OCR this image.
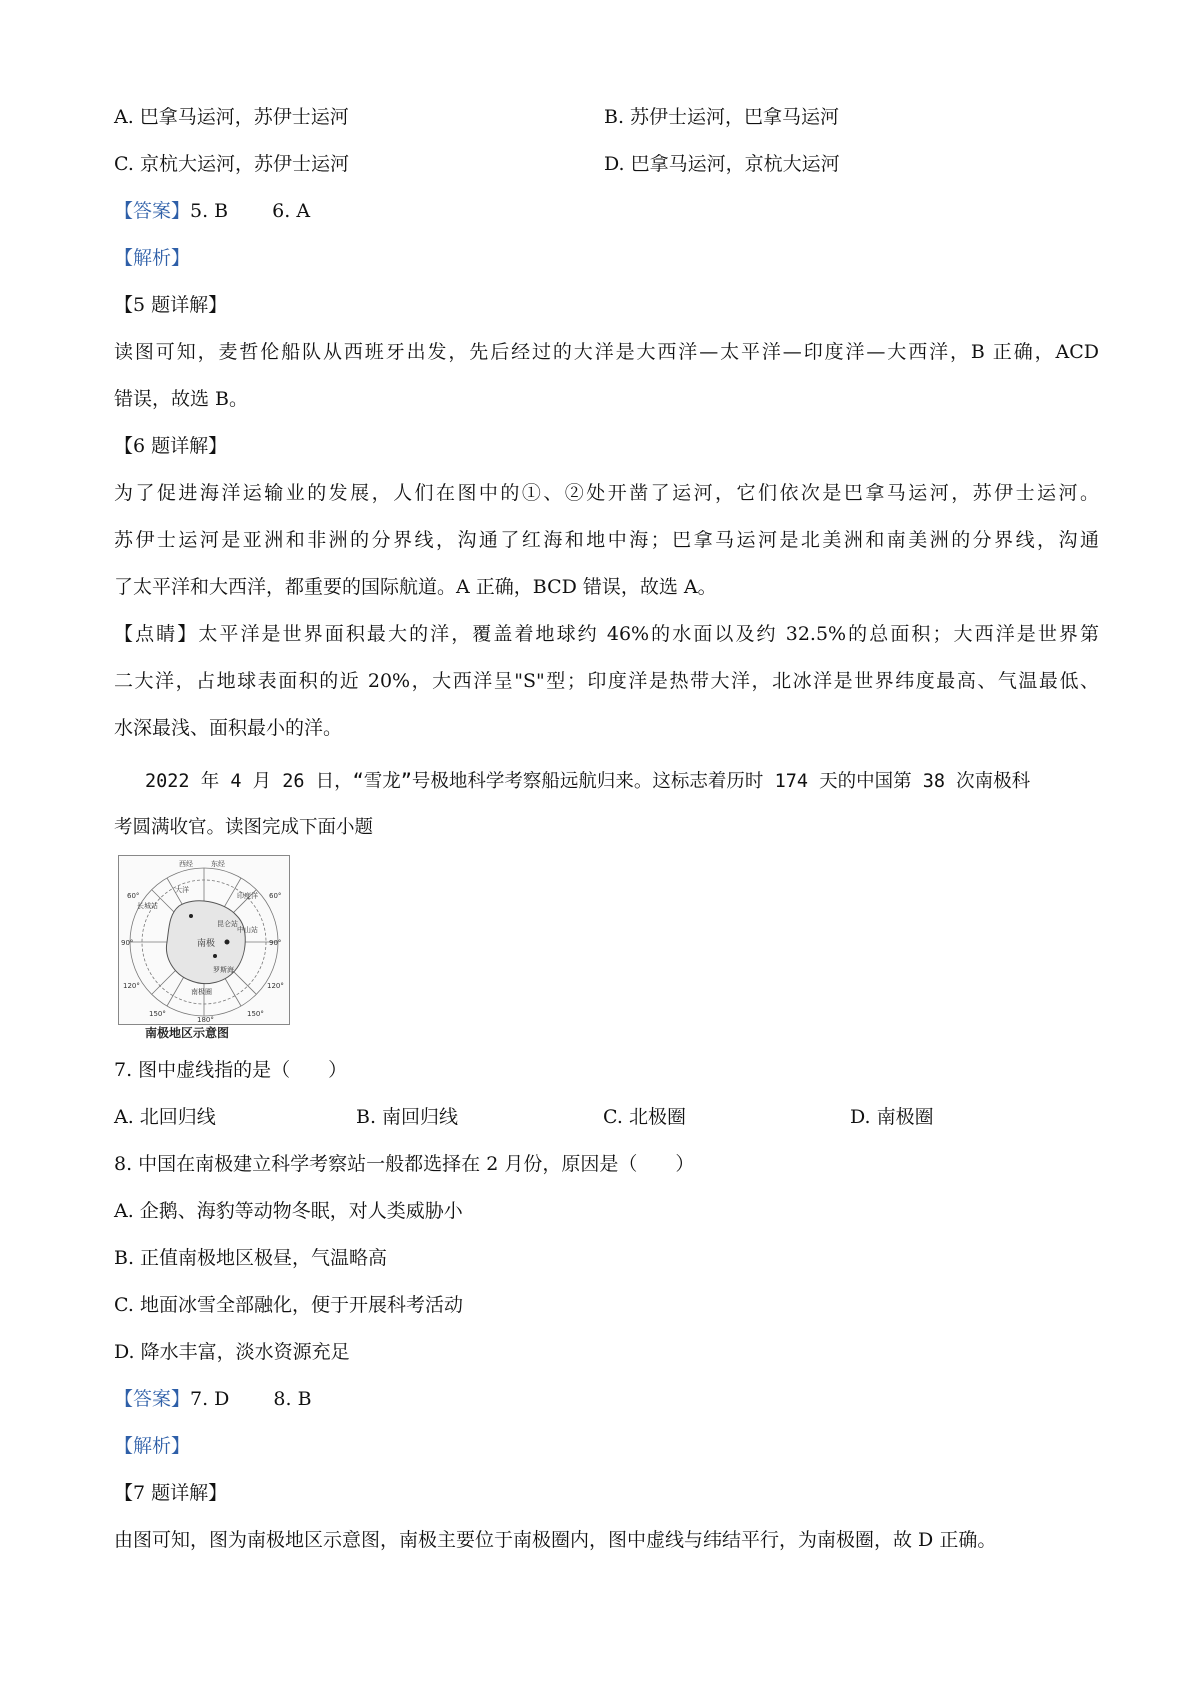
A. 巴拿马运河，苏伊士运河	B. 苏伊士运河，巴拿马运河
C. 京杭大运河，苏伊士运河	D. 巴拿马运河，京杭大运河
【答案】5. B 6. A
【解析】
【5 题详解】
读图可知，麦哲伦船队从西班牙出发，先后经过的大洋是大西洋—太平洋—印度洋—大西洋，B 正确，ACD
错误，故选 B。
【6 题详解】
为了促进海洋运输业的发展，人们在图中的①、②处开凿了运河，它们依次是巴拿马运河，苏伊士运河。
苏伊士运河是亚洲和非洲的分界线，沟通了红海和地中海；巴拿马运河是北美洲和南美洲的分界线，沟通
了太平洋和大西洋，都重要的国际航道。A 正确，BCD 错误，故选 A。
【点睛】太平洋是世界面积最大的洋，覆盖着地球约 46%的水面以及约 32.5%的总面积；大西洋是世界第
二大洋，占地球表面积的近 20%，大西洋呈"S"型；印度洋是热带大洋，北冰洋是世界纬度最高、气温最低、
水深最浅、面积最小的洋。
2022 年 4 月 26 日，“雪龙”号极地科学考察船远航归来。这标志着历时 174 天的中国第 38 次南极科
考圆满收官。读图完成下面小题
南极
西经	东经
大洋
长城站
中山站
昆仑站
罗斯海
南极圈
印度洋
90°	90°
60°	60°
120°	120°
150°	150°
180°
南极地区示意图
7. 图中虚线指的是（　　）
A. 北回归线	B. 南回归线	C. 北极圈	D. 南极圈
8. 中国在南极建立科学考察站一般都选择在 2 月份，原因是（　　）
A. 企鹅、海豹等动物冬眠，对人类威胁小
B. 正值南极地区极昼，气温略高
C. 地面冰雪全部融化，便于开展科考活动
D. 降水丰富，淡水资源充足
【答案】7. D 8. B
【解析】
【7 题详解】
由图可知，图为南极地区示意图，南极主要位于南极圈内，图中虚线与纬结平行，为南极圈，故 D 正确。
